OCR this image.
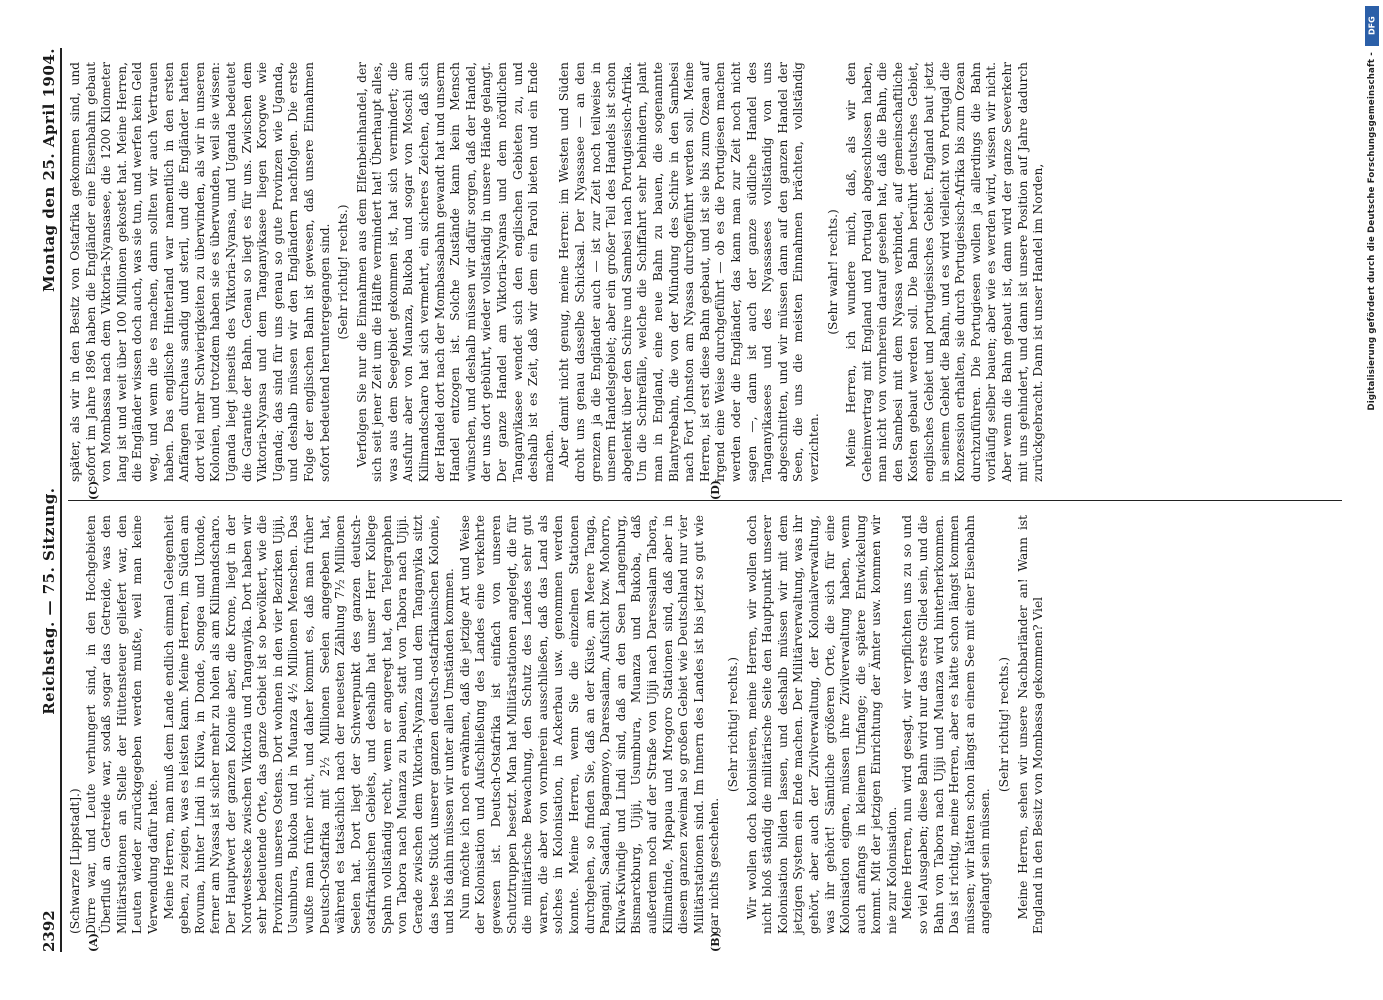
2392
Reichstag. — 75. Sitzung.
Montag den 25. April 1904.
(A)	(B)

(Schwarze [Lippstadt].) Dürre war, und Leute verhungert sind, in den Hochgebieten Überfluß an Getreide war, sodaß sogar das Getreide, was den Militärstationen an Stelle der Hüttensteuer geliefert war, den Leuten wieder zurückgegeben werden mußte, weil man keine Verwendung dafür hatte. Meine Herren, man muß dem Lande endlich einmal Gelegenheit geben, zu zeigen, was es leisten kann. Meine Herren, im Süden am Rovuma, hinter Lindi in Kilwa, in Donde, Songea und Ukonde, ferner am Nyassa ist sicher mehr zu holen als am Kilimandscharo. Der Hauptwert der ganzen Kolonie aber, die Krone, liegt in der Nordwestsecke zwischen Viktoria und Tanganyika. Dort haben wir sehr bedeutende Orte, das ganze Gebiet ist so bevölkert, wie die Provinzen unseres Ostens. Dort wohnen in den vier Bezirken Ujiji, Usumbura, Bukoba und in Muanza 4½ Millionen Menschen. Das wußte man früher nicht, und daher kommt es, daß man früher Deutsch-Ostafrika mit 2½ Millionen Seelen angegeben hat, während es tatsächlich nach der neuesten Zählung 7½ Millionen Seelen hat. Dort liegt der Schwerpunkt des ganzen deutsch-ostafrikanischen Gebiets, und deshalb hat unser Herr Kollege Spahn vollständig recht, wenn er angeregt hat, den Telegraphen von Tabora nach Muanza zu bauen, statt von Tabora nach Ujiji. Gerade zwischen dem Viktoria-Nyanza und dem Tanganyika sitzt das beste Stück unserer ganzen deutsch-ostafrikanischen Kolonie, und bis dahin müssen wir unter allen Umständen kommen. Nun möchte ich noch erwähnen, daß die jetzige Art und Weise der Kolonisation und Aufschließung des Landes eine verkehrte gewesen ist. Deutsch-Ostafrika ist einfach von unseren Schutztruppen besetzt. Man hat Militärstationen angelegt, die für die militärische Bewachung, den Schutz des Landes sehr gut waren, die aber von vornherein ausschließen, daß das Land als solches in Kolonisation, in Ackerbau usw. genommen werden konnte. Meine Herren, wenn Sie die einzelnen Stationen durchgehen, so finden Sie, daß an der Küste, am Meere Tanga, Pangani, Saadani, Bagamoyo, Daressalam, Aufsicht bzw. Mohorro, Kilwa-Kiwindje und Lindi sind, daß an den Seen Langenburg, Bismarckburg, Ujiji, Usumbura, Muanza und Bukoba, daß außerdem noch auf der Straße von Ujiji nach Daressalam Tabora, Kilimatinde, Mpapua und Mrogoro Stationen sind, daß aber in diesem ganzen zweimal so großen Gebiet wie Deutschland nur vier Militärstationen sind. Im Innern des Landes ist bis jetzt so gut wie gar nichts geschehen.

(Sehr richtig! rechts.) Wir wollen doch kolonisieren, meine Herren, wir wollen doch nicht bloß ständig die militärische Seite den Hauptpunkt unserer Kolonisation bilden lassen, und deshalb müssen wir mit dem jetzigen System ein Ende machen. Der Militärverwaltung, was ihr gehört, aber auch der Zivilverwaltung, der Kolonialverwaltung, was ihr gehört! Sämtliche größeren Orte, die sich für eine Kolonisation eignen, müssen ihre Zivilverwaltung haben, wenn auch anfangs in kleinem Umfange; die spätere Entwickelung kommt. Mit der jetzigen Einrichtung der Ämter usw. kommen wir nie zur Kolonisation. Meine Herren, nun wird gesagt, wir verpflichten uns zu so und so viel Ausgaben; diese Bahn wird nur das erste Glied sein, und die Bahn von Tabora nach Ujiji und Muanza wird hinterherkommen. Das ist richtig, meine Herren, aber es hätte schon längst kommen müssen; wir hätten schon längst an einem See mit einer Eisenbahn angelangt sein müssen.

(Sehr richtig! rechts.) Meine Herren, sehen wir unsere Nachbarländer an! Wann ist England in den Besitz von Mombassa gekommen? Viel

(C)	(D)

später, als wir in den Besitz von Ostafrika gekommen sind, und sofort im Jahre 1896 haben die Engländer eine Eisenbahn gebaut von Mombassa nach dem Viktoria-Nyansasee, die 1200 Kilometer lang ist und weit über 100 Millionen gekostet hat. Meine Herren, die Engländer wissen doch auch, was sie tun, und werfen kein Geld weg, und wenn die es machen, dann sollten wir auch Vertrauen haben. Das englische Hinterland war namentlich in den ersten Anfängen durchaus sandig und steril, und die Engländer hatten dort viel mehr Schwierigkeiten zu überwinden, als wir in unseren Kolonien, und trotzdem haben sie es überwunden, weil sie wissen: Uganda liegt jenseits des Viktoria-Nyansa, und Uganda bedeutet die Garantie der Bahn. Genau so liegt es für uns. Zwischen dem Viktoria-Nyansa und dem Tanganyikasee liegen Korogwe wie Uganda; das sind für uns genau so gute Provinzen wie Uganda, und deshalb müssen wir den Engländern nachfolgen. Die erste Folge der englischen Bahn ist gewesen, daß unsere Einnahmen sofort bedeutend heruntergegangen sind. (Sehr richtig! rechts.) Verfolgen Sie nur die Einnahmen aus dem Elfenbeinhandel, der sich seit jener Zeit um die Hälfte vermindert hat! Überhaupt alles, was aus dem Seegebiet gekommen ist, hat sich vermindert; die Ausfuhr aber von Muanza, Bukoba und sogar von Moschi am Kilimandscharo hat sich vermehrt, ein sicheres Zeichen, daß sich der Handel dort nach der Mombassabahn gewandt hat und unserm Handel entzogen ist. Solche Zustände kann kein Mensch wünschen, und deshalb müssen wir dafür sorgen, daß der Handel, der uns dort gebührt, wieder vollständig in unsere Hände gelangt. Der ganze Handel am Viktoria-Nyansa und dem nördlichen Tanganyikasee wendet sich den englischen Gebieten zu, und deshalb ist es Zeit, daß wir dem ein Paroli bieten und ein Ende machen. Aber damit nicht genug, meine Herren: im Westen und Süden droht uns genau dasselbe Schicksal. Der Nyassasee — an den grenzen ja die Engländer auch — ist zur Zeit noch teilweise in unserm Handelsgebiet; aber ein großer Teil des Handels ist schon abgelenkt über den Schire und Sambesi nach Portugiesisch-Afrika. Um die Schirefälle, welche die Schiffahrt sehr behindern, plant man in England, eine neue Bahn zu bauen, die sogenannte Blantyrebahn, die von der Mündung des Schire in den Sambesi nach Fort Johnston am Nyassa durchgeführt werden soll. Meine Herren, ist erst diese Bahn gebaut, und ist sie bis zum Ozean auf irgend eine Weise durchgeführt — ob es die Portugiesen machen werden oder die Engländer, das kann man zur Zeit noch nicht sagen —, dann ist auch der ganze südliche Handel des Tanganyikasees und des Nyassasees vollständig von uns abgeschnitten, und wir müssen dann auf den ganzen Handel der Seen, die uns die meisten Einnahmen brächten, vollständig verzichten.

(Sehr wahr! rechts.) Meine Herren, ich wundere mich, daß, als wir den Geheimvertrag mit England und Portugal abgeschlossen haben, man nicht von vornherein darauf gesehen hat, daß die Bahn, die den Sambesi mit dem Nyassa verbindet, auf gemeinschaftliche Kosten gebaut werden soll. Die Bahn berührt deutsches Gebiet, englisches Gebiet und portugiesisches Gebiet. England baut jetzt in seinem Gebiet die Bahn, und es wird vielleicht von Portugal die Konzession erhalten, sie durch Portugiesisch-Afrika bis zum Ozean durchzuführen. Die Portugiesen wollen ja allerdings die Bahn vorläufig selber bauen; aber wie es werden wird, wissen wir nicht. Aber wenn die Bahn gebaut ist, dann wird der ganze Seeverkehr mit uns gehindert, und dann ist unsere Position auf Jahre dadurch zurückgebracht. Dann ist unser Handel im Norden,

DFG
Digitalisierung gefördert durch die Deutsche Forschungsgemeinschaft -
